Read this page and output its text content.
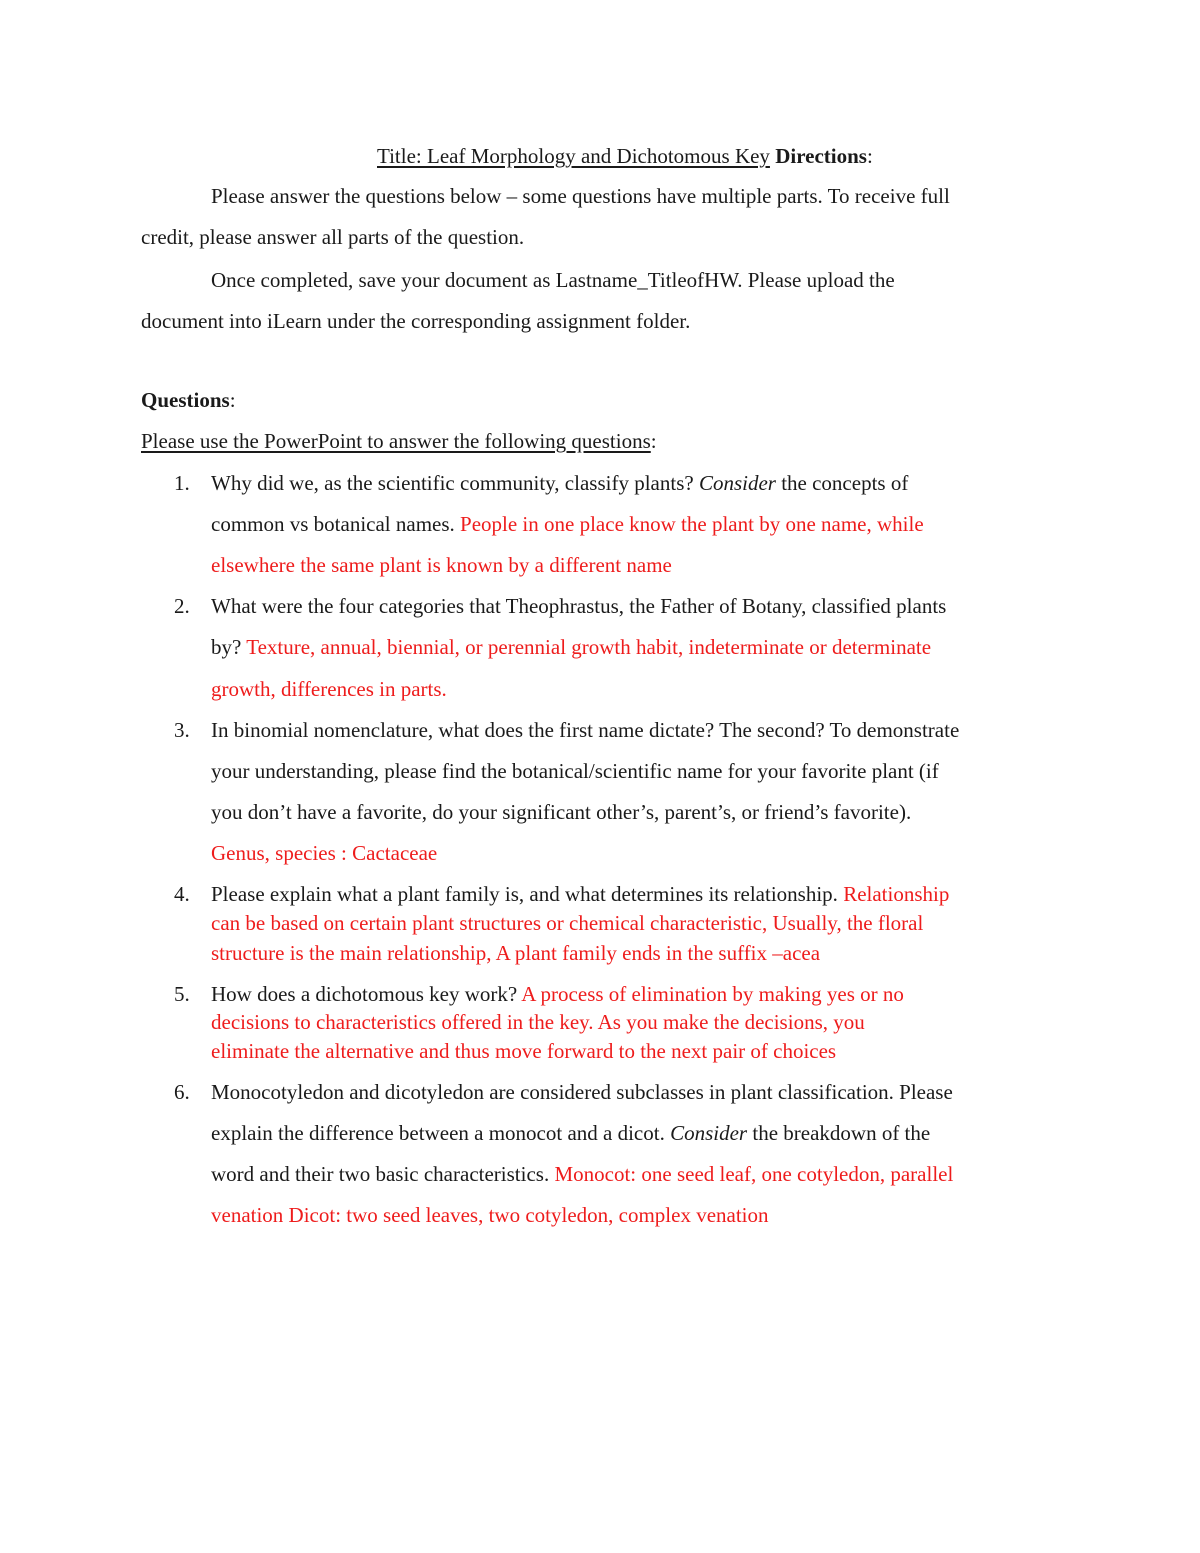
Title: Leaf Morphology and Dichotomous Key Directions:
Please answer the questions below – some questions have multiple parts. To receive full
credit, please answer all parts of the question.
Once completed, save your document as Lastname_TitleofHW. Please upload the
document into iLearn under the corresponding assignment folder.
Questions:
Please use the PowerPoint to answer the following questions:
1. Why did we, as the scientific community, classify plants? Consider the concepts of
common vs botanical names. People in one place know the plant by one name, while
elsewhere the same plant is known by a different name
2. What were the four categories that Theophrastus, the Father of Botany, classified plants
by? Texture, annual, biennial, or perennial growth habit, indeterminate or determinate
growth, differences in parts.
3. In binomial nomenclature, what does the first name dictate? The second? To demonstrate
your understanding, please find the botanical/scientific name for your favorite plant (if
you don’t have a favorite, do your significant other’s, parent’s, or friend’s favorite).
Genus, species : Cactaceae
4. Please explain what a plant family is, and what determines its relationship. Relationship
can be based on certain plant structures or chemical characteristic, Usually, the floral
structure is the main relationship, A plant family ends in the suffix –acea
5. How does a dichotomous key work? A process of elimination by making yes or no
decisions to characteristics offered in the key. As you make the decisions, you
eliminate the alternative and thus move forward to the next pair of choices
6. Monocotyledon and dicotyledon are considered subclasses in plant classification. Please
explain the difference between a monocot and a dicot. Consider the breakdown of the
word and their two basic characteristics. Monocot: one seed leaf, one cotyledon, parallel
venation Dicot: two seed leaves, two cotyledon, complex venation
